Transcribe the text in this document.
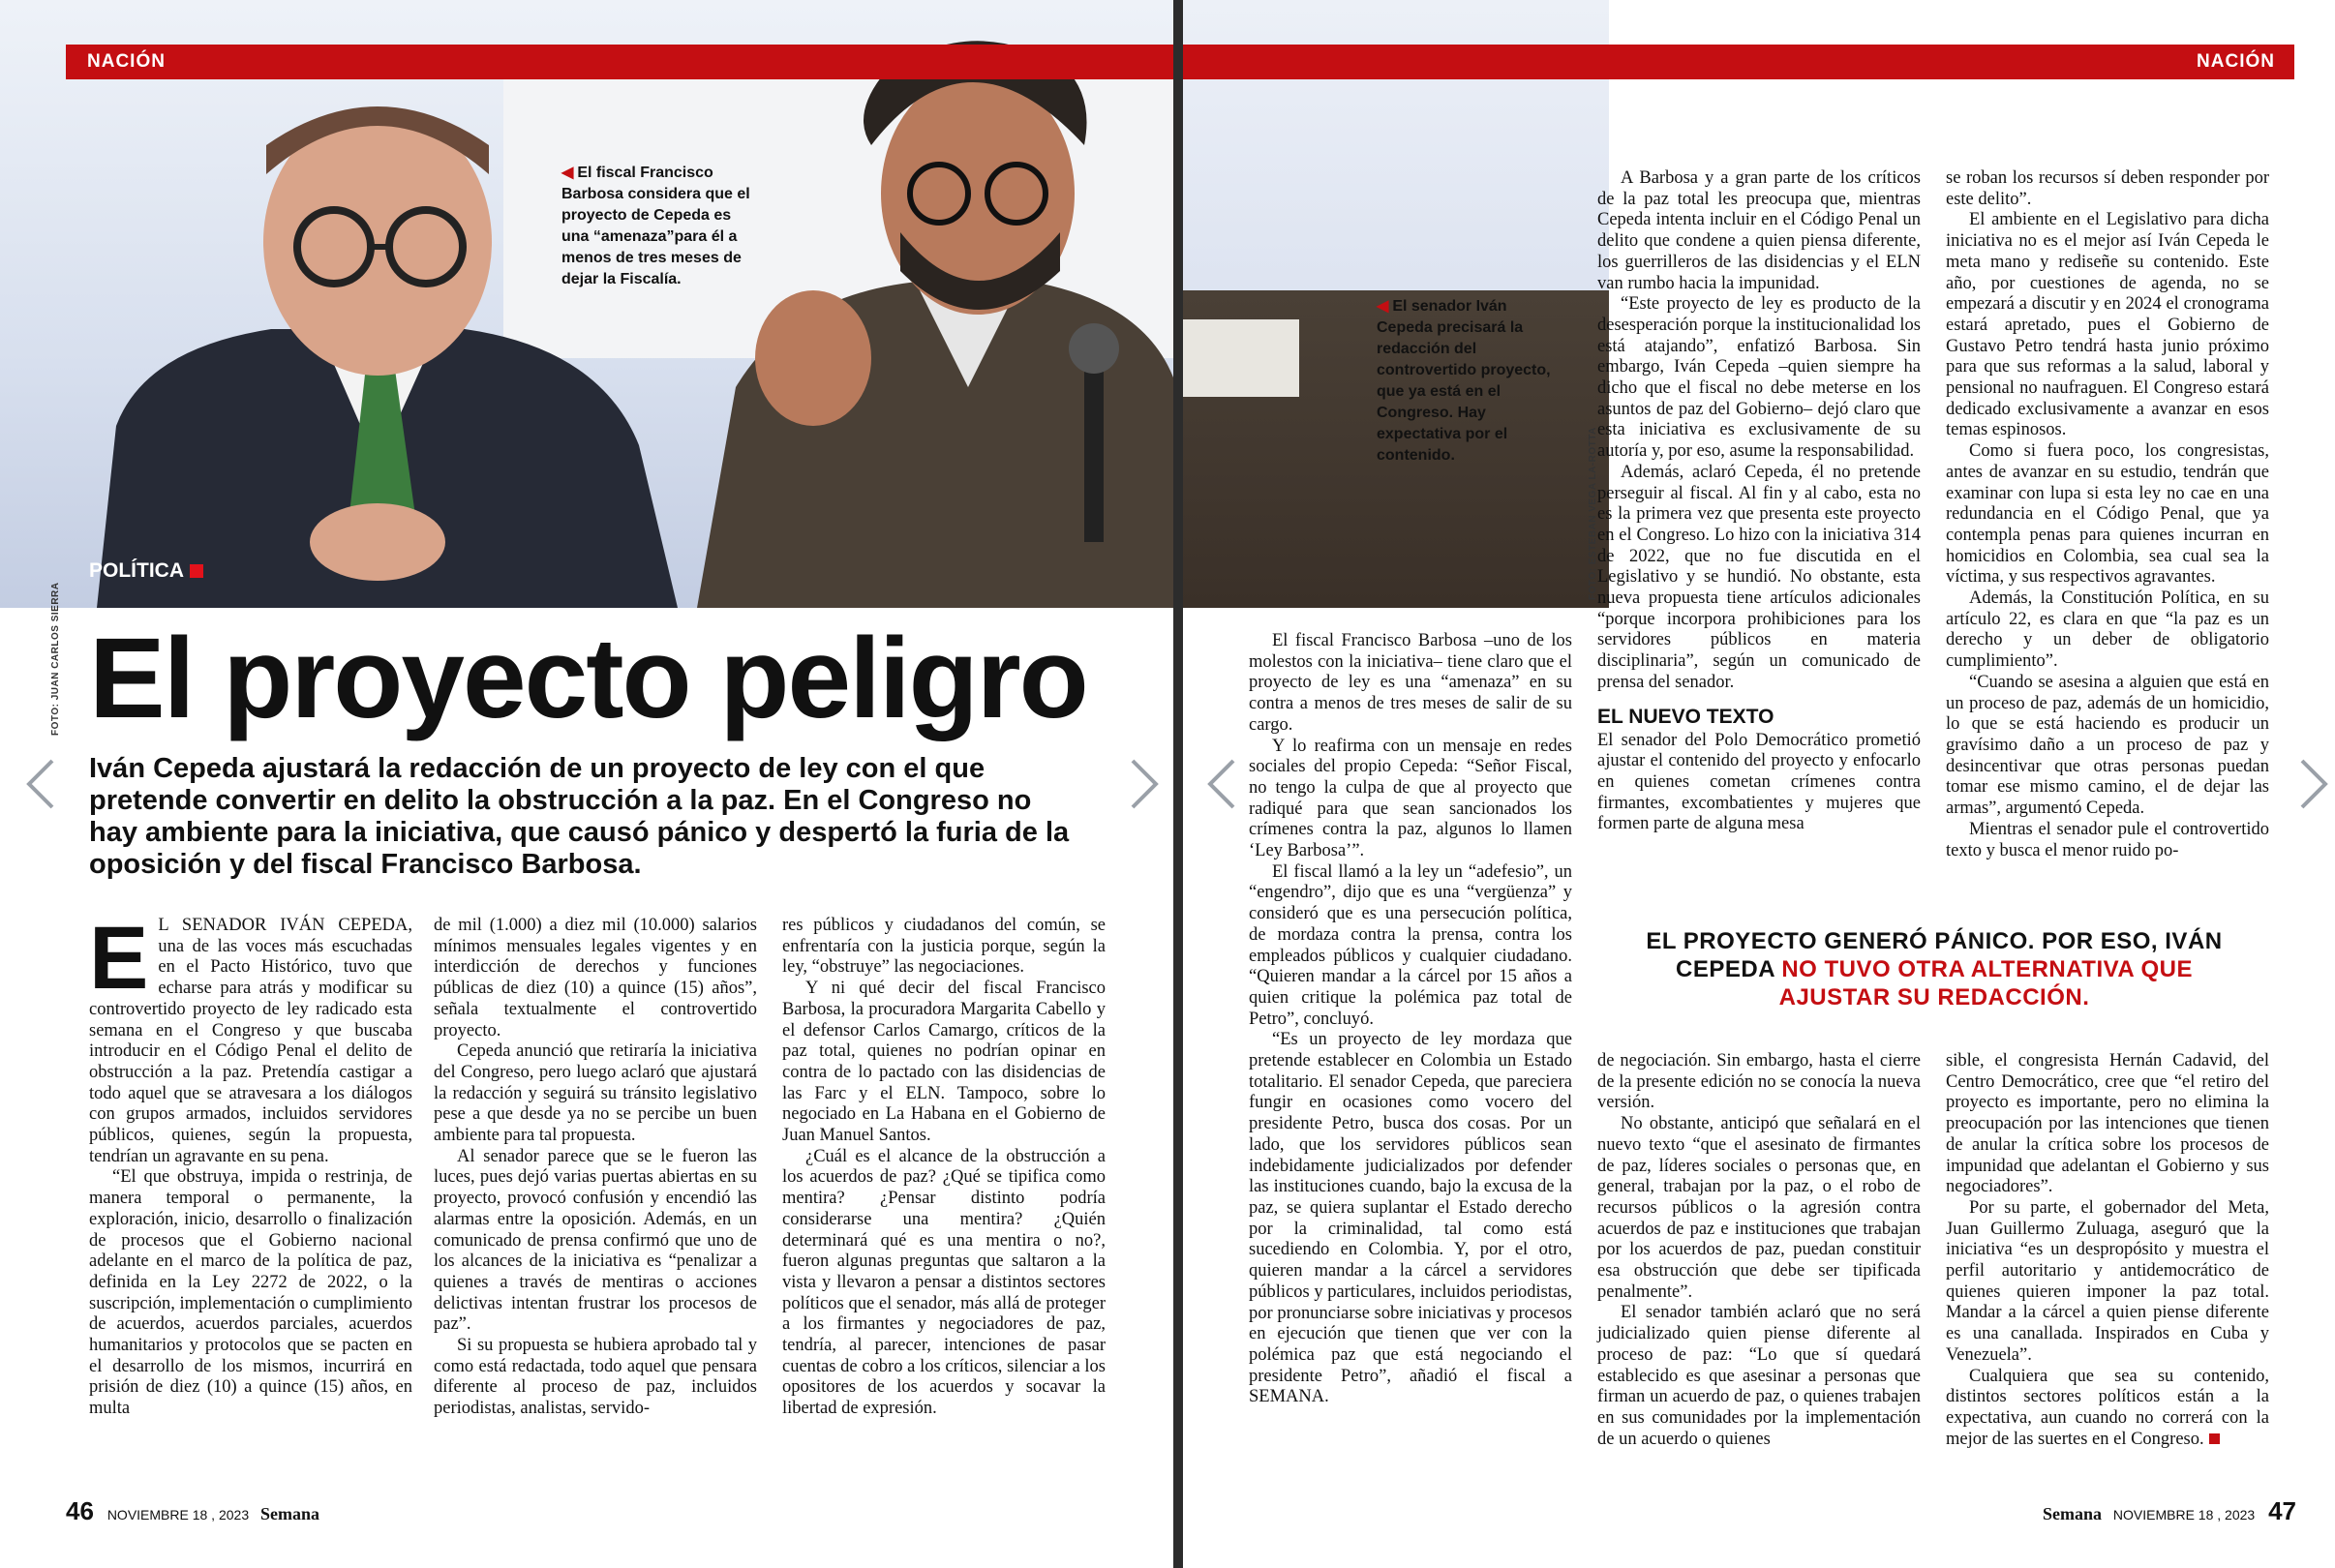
NACIÓN
◀ El fiscal Francisco Barbosa considera que el proyecto de Cepeda es una “amenaza”para él a menos de tres meses de dejar la Fiscalía.
POLÍTICA
FOTO: JUAN CARLOS SIERRA El proyecto peligro
Iván Cepeda ajustará la redacción de un proyecto de ley con el que pretende convertir en delito la obstrucción a la paz. En el Congreso no hay ambiente para la iniciativa, que causó pánico y despertó la furia de la oposición y del fiscal Francisco Barbosa.

E L SENADOR IVÁN CEPEDA, una de las voces más escuchadas en el Pacto Histórico, tuvo que echarse para atrás y modificar su controvertido proyecto de ley radicado esta semana en el Congreso y que buscaba introducir en el Código Penal el delito de obstrucción a la paz. Pretendía castigar a todo aquel que se atravesara a los diálogos con grupos armados, incluidos servidores públicos, quienes, según la propuesta, tendrían un agravante en su pena.

“El que obstruya, impida o restrinja, de manera temporal o permanente, la exploración, inicio, desarrollo o finalización de procesos que el Gobierno nacional adelante en el marco de la política de paz, definida en la Ley 2272 de 2022, o la suscripción, implementación o cumplimiento de acuerdos, acuerdos parciales, acuerdos humanitarios y protocolos que se pacten en el desarrollo de los mismos, incurrirá en prisión de diez (10) a quince (15) años, en multa

de mil (1.000) a diez mil (10.000) salarios mínimos mensuales legales vigentes y en interdicción de derechos y funciones públicas de diez (10) a quince (15) años”, señala textualmente el controvertido proyecto.

Cepeda anunció que retiraría la iniciativa del Congreso, pero luego aclaró que ajustará la redacción y seguirá su tránsito legislativo pese a que desde ya no se percibe un buen ambiente para tal propuesta.

Al senador parece que se le fueron las luces, pues dejó varias puertas abiertas en su proyecto, provocó confusión y encendió las alarmas entre la oposición. Además, en un comunicado de prensa confirmó que uno de los alcances de la iniciativa es “penalizar a quienes a través de mentiras o acciones delictivas intentan frustrar los procesos de paz”.

Si su propuesta se hubiera aprobado tal y como está redactada, todo aquel que pensara diferente al proceso de paz, incluidos periodistas, analistas, servido-

res públicos y ciudadanos del común, se enfrentaría con la justicia porque, según la ley, “obstruye” las negociaciones.

Y ni qué decir del fiscal Francisco Barbosa, la procuradora Margarita Cabello y el defensor Carlos Camargo, críticos de la paz total, quienes no podrían opinar en contra de lo pactado con las disidencias de las Farc y el ELN. Tampoco, sobre lo negociado en La Habana en el Gobierno de Juan Manuel Santos.

¿Cuál es el alcance de la obstrucción a los acuerdos de paz? ¿Qué se tipifica como mentira? ¿Pensar distinto podría considerarse una mentira? ¿Quién determinará qué es una mentira o no?, fueron algunas preguntas que saltaron a la vista y llevaron a pensar a distintos sectores políticos que el senador, más allá de proteger a los firmantes y negociadores de paz, tendría, al parecer, intenciones de pasar cuentas de cobro a los críticos, silenciar a los opositores de los acuerdos y socavar la libertad de expresión.

46 NOVIEMBRE 18 , 2023 Semana
NACIÓN
◀ El senador Iván Cepeda precisará la redacción del controvertido proyecto, que ya está en el Congreso. Hay expectativa por el contenido.	FOTO: ESTEBAN VEGA LA-ROTTA

El fiscal Francisco Barbosa –uno de los molestos con la iniciativa– tiene claro que el proyecto de ley es una “amenaza” en su contra a menos de tres meses de salir de su cargo.

Y lo reafirma con un mensaje en redes sociales del propio Cepeda: “Señor Fiscal, no tengo la culpa de que al proyecto que radiqué para que sean sancionados los crímenes contra la paz, algunos lo llamen ‘Ley Barbosa’”.

El fiscal llamó a la ley un “adefesio”, un “engendro”, dijo que es una “vergüenza” y consideró que es una persecución política, de mordaza contra la prensa, contra los empleados públicos y cualquier ciudadano. “Quieren mandar a la cárcel por 15 años a quien critique la polémica paz total de Petro”, concluyó.

“Es un proyecto de ley mordaza que pretende establecer en Colombia un Estado totalitario. El senador Cepeda, que pareciera fungir en ocasiones como vocero del presidente Petro, busca dos cosas. Por un lado, que los servidores públicos sean indebidamente judicializados por defender las instituciones cuando, bajo la excusa de la paz, se quiera suplantar el Estado derecho por la criminalidad, tal como está sucediendo en Colombia. Y, por el otro, quieren mandar a la cárcel a servidores públicos y particulares, incluidos periodistas, por pronunciarse sobre iniciativas y procesos en ejecución que tienen que ver con la polémica paz que está negociando el presidente Petro”, añadió el fiscal a SEMANA.

A Barbosa y a gran parte de los críticos de la paz total les preocupa que, mientras Cepeda intenta incluir en el Código Penal un delito que condene a quien piensa diferente, los guerrilleros de las disidencias y el ELN van rumbo hacia la impunidad.

“Este proyecto de ley es producto de la desesperación porque la institucionalidad los está atajando”, enfatizó Barbosa. Sin embargo, Iván Cepeda –quien siempre ha dicho que el fiscal no debe meterse en los asuntos de paz del Gobierno– dejó claro que esta iniciativa es exclusivamente de su autoría y, por eso, asume la responsabilidad.

Además, aclaró Cepeda, él no pretende perseguir al fiscal. Al fin y al cabo, esta no es la primera vez que presenta este proyecto en el Congreso. Lo hizo con la iniciativa 314 de 2022, que no fue discutida en el Legislativo y se hundió. No obstante, esta nueva propuesta tiene artículos adicionales “porque incorpora prohibiciones para los servidores públicos en materia disciplinaria”, según un comunicado de prensa del senador.

EL NUEVO TEXTO

El senador del Polo Democrático prometió ajustar el contenido del proyecto y enfocarlo en quienes cometan crímenes contra firmantes, excombatientes y mujeres que formen parte de alguna mesa

se roban los recursos sí deben responder por este delito”.

El ambiente en el Legislativo para dicha iniciativa no es el mejor así Iván Cepeda le meta mano y rediseñe su contenido. Este año, por cuestiones de agenda, no se empezará a discutir y en 2024 el cronograma estará apretado, pues el Gobierno de Gustavo Petro tendrá hasta junio próximo para que sus reformas a la salud, laboral y pensional no naufraguen. El Congreso estará dedicado exclusivamente a avanzar en esos temas espinosos.

Como si fuera poco, los congresistas, antes de avanzar en su estudio, tendrán que examinar con lupa si esta ley no cae en una redundancia en el Código Penal, que ya contempla penas para quienes incurran en homicidios en Colombia, sea cual sea la víctima, y sus respectivos agravantes.

Además, la Constitución Política, en su artículo 22, es clara en que “la paz es un derecho y un deber de obligatorio cumplimiento”.

“Cuando se asesina a alguien que está en un proceso de paz, además de un homicidio, lo que se está haciendo es producir un gravísimo daño a un proceso de paz y desincentivar que otras personas puedan tomar ese mismo camino, el de dejar las armas”, argumentó Cepeda.

Mientras el senador pule el controvertido texto y busca el menor ruido po-

EL PROYECTO GENERÓ PÁNICO. POR ESO, IVÁN CEPEDA NO TUVO OTRA ALTERNATIVA QUE AJUSTAR SU REDACCIÓN.

de negociación. Sin embargo, hasta el cierre de la presente edición no se conocía la nueva versión.

No obstante, anticipó que señalará en el nuevo texto “que el asesinato de firmantes de paz, líderes sociales o personas que, en general, trabajan por la paz, o el robo de recursos públicos o la agresión contra acuerdos de paz e instituciones que trabajan por los acuerdos de paz, puedan constituir esa obstrucción que debe ser tipificada penalmente”.

El senador también aclaró que no será judicializado quien piense diferente al proceso de paz: “Lo que sí quedará establecido es que asesinar a personas que firman un acuerdo de paz, o quienes trabajen en sus comunidades por la implementación de un acuerdo o quienes

sible, el congresista Hernán Cadavid, del Centro Democrático, cree que “el retiro del proyecto es importante, pero no elimina la preocupación por las intenciones que tienen de anular la crítica sobre los procesos de impunidad que adelantan el Gobierno y sus negociadores”.

Por su parte, el gobernador del Meta, Juan Guillermo Zuluaga, aseguró que la iniciativa “es un despropósito y muestra el perfil autoritario y antidemocrático de quienes quieren imponer la paz total. Mandar a la cárcel a quien piense diferente es una canallada. Inspirados en Cuba y Venezuela”.

Cualquiera que sea su contenido, distintos sectores políticos están a la expectativa, aun cuando no correrá con la mejor de las suertes en el Congreso.

Semana NOVIEMBRE 18 , 2023 47
